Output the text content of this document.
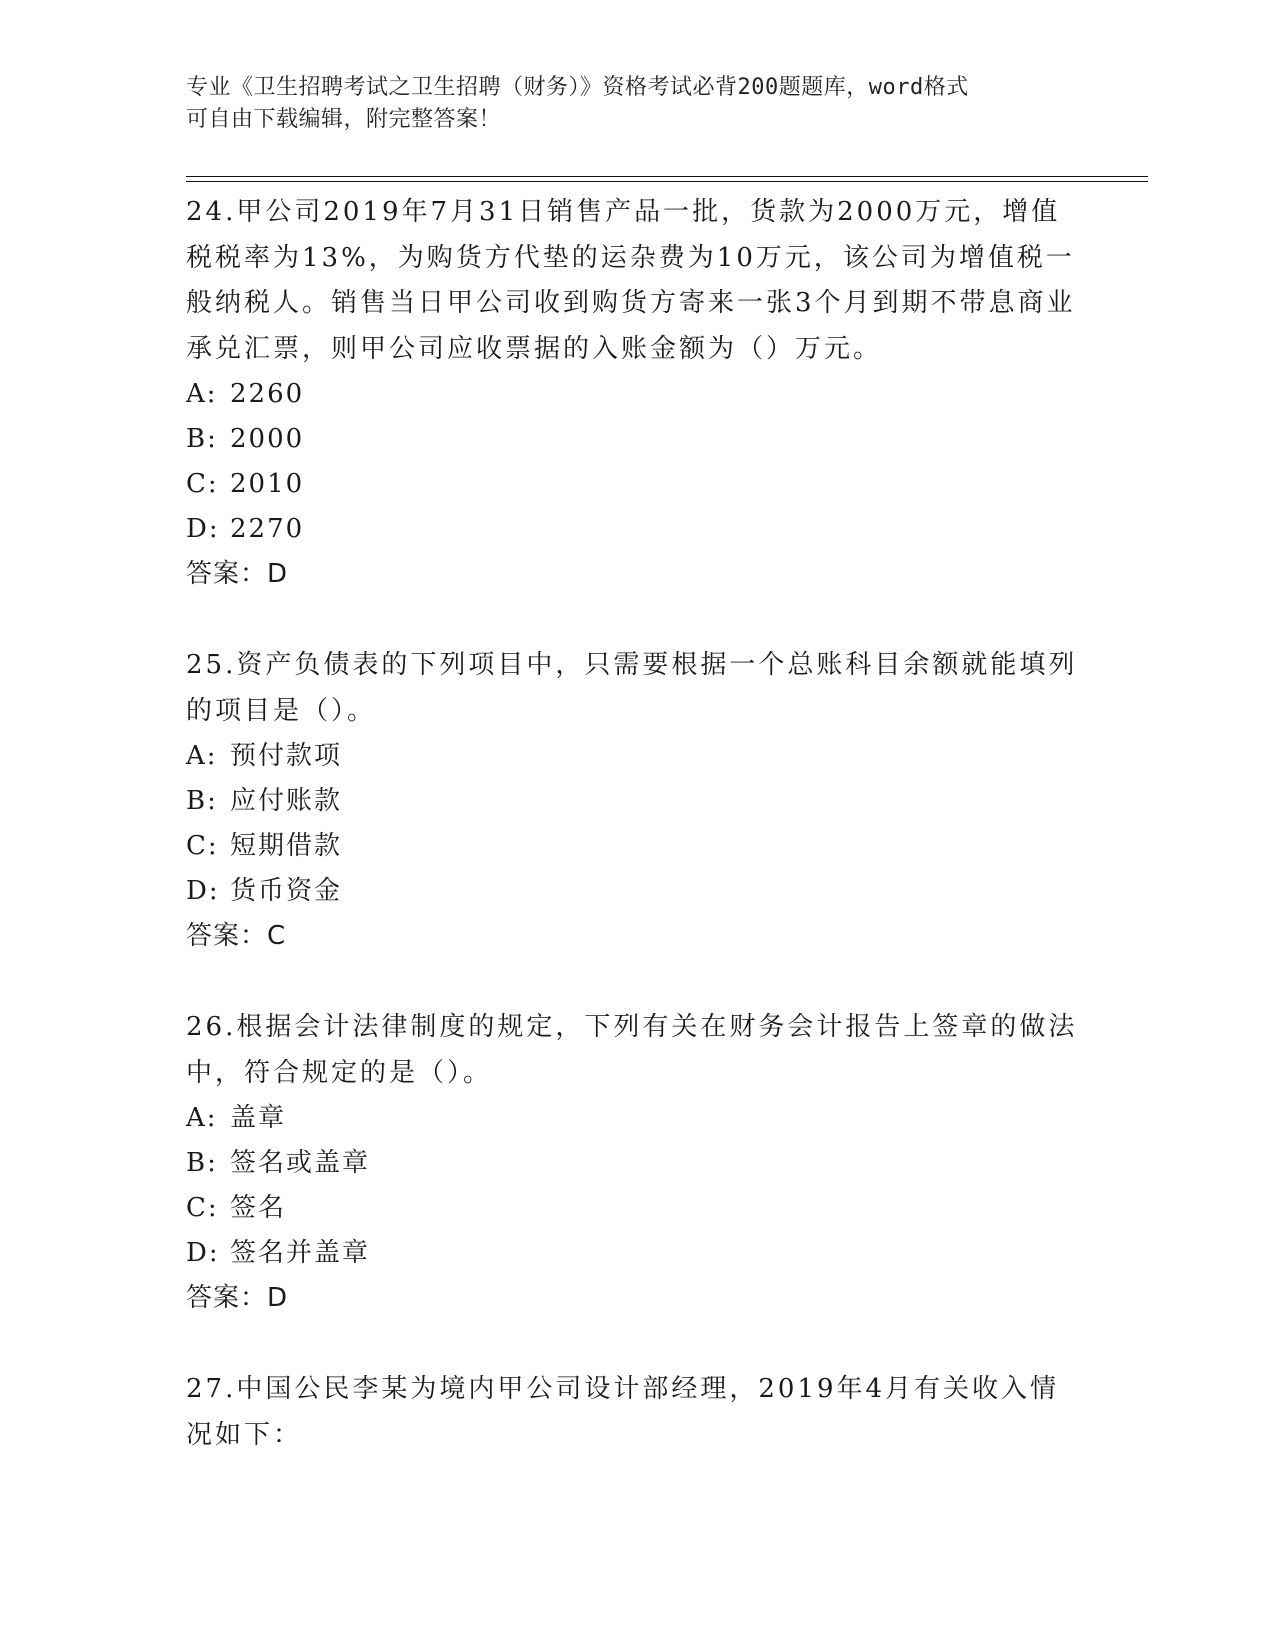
专业《卫生招聘考试之卫生招聘（财务）》资格考试必背200题题库，word格式
可自由下载编辑，附完整答案！

24.甲公司2019年7月31日销售产品一批，货款为2000万元，增值税税率为13%，为购货方代垫的运杂费为10万元，该公司为增值税一般纳税人。销售当日甲公司收到购货方寄来一张3个月到期不带息商业承兑汇票，则甲公司应收票据的入账金额为（）万元。

A: 2260

B: 2000

C: 2010

D: 2270

答案：D

25.资产负债表的下列项目中，只需要根据一个总账科目余额就能填列的项目是（）。

A: 预付款项

B: 应付账款

C: 短期借款

D: 货币资金

答案：C

26.根据会计法律制度的规定，下列有关在财务会计报告上签章的做法中，符合规定的是（）。

A: 盖章

B: 签名或盖章

C: 签名

D: 签名并盖章

答案：D

27.中国公民李某为境内甲公司设计部经理，2019年4月有关收入情况如下：
